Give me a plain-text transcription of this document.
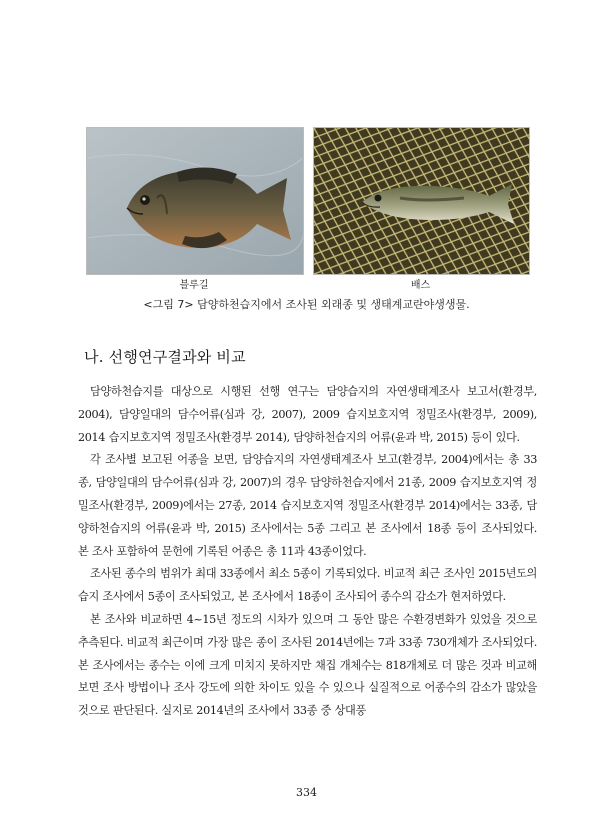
블루길	배스
<그림 7> 담양하천습지에서 조사된 외래종 및 생태계교란야생생물.
나. 선행연구결과와 비교

담양하천습지를 대상으로 시행된 선행 연구는 담양습지의 자연생태계조사 보고서(환경부, 2004), 담양일대의 담수어류(심과 강, 2007), 2009 습지보호지역 정밀조사(환경부, 2009), 2014 습지보호지역 정밀조사(환경부 2014), 담양하천습지의 어류(윤과 박, 2015) 등이 있다.

각 조사별 보고된 어종을 보면, 담양습지의 자연생태계조사 보고(환경부, 2004)에서는 총 33종, 담양일대의 담수어류(심과 강, 2007)의 경우 담양하천습지에서 21종, 2009 습지보호지역 정밀조사(환경부, 2009)에서는 27종, 2014 습지보호지역 정밀조사(환경부 2014)에서는 33종, 담양하천습지의 어류(윤과 박, 2015) 조사에서는 5종 그리고 본 조사에서 18종 등이 조사되었다. 본 조사 포함하여 문헌에 기록된 어종은 총 11과 43종이었다.

조사된 종수의 범위가 최대 33종에서 최소 5종이 기록되었다. 비교적 최근 조사인 2015년도의 습지 조사에서 5종이 조사되었고, 본 조사에서 18종이 조사되어 종수의 감소가 현저하였다.

본 조사와 비교하면 4~15년 정도의 시차가 있으며 그 동안 많은 수환경변화가 있었을 것으로 추측된다. 비교적 최근이며 가장 많은 종이 조사된 2014년에는 7과 33종 730개체가 조사되었다. 본 조사에서는 종수는 이에 크게 미치지 못하지만 채집 개체수는 818개체로 더 많은 것과 비교해 보면 조사 방법이나 조사 강도에 의한 차이도 있을 수 있으나 실질적으로 어종수의 감소가 많았을 것으로 판단된다. 실지로 2014년의 조사에서 33종 중 상대풍

334
